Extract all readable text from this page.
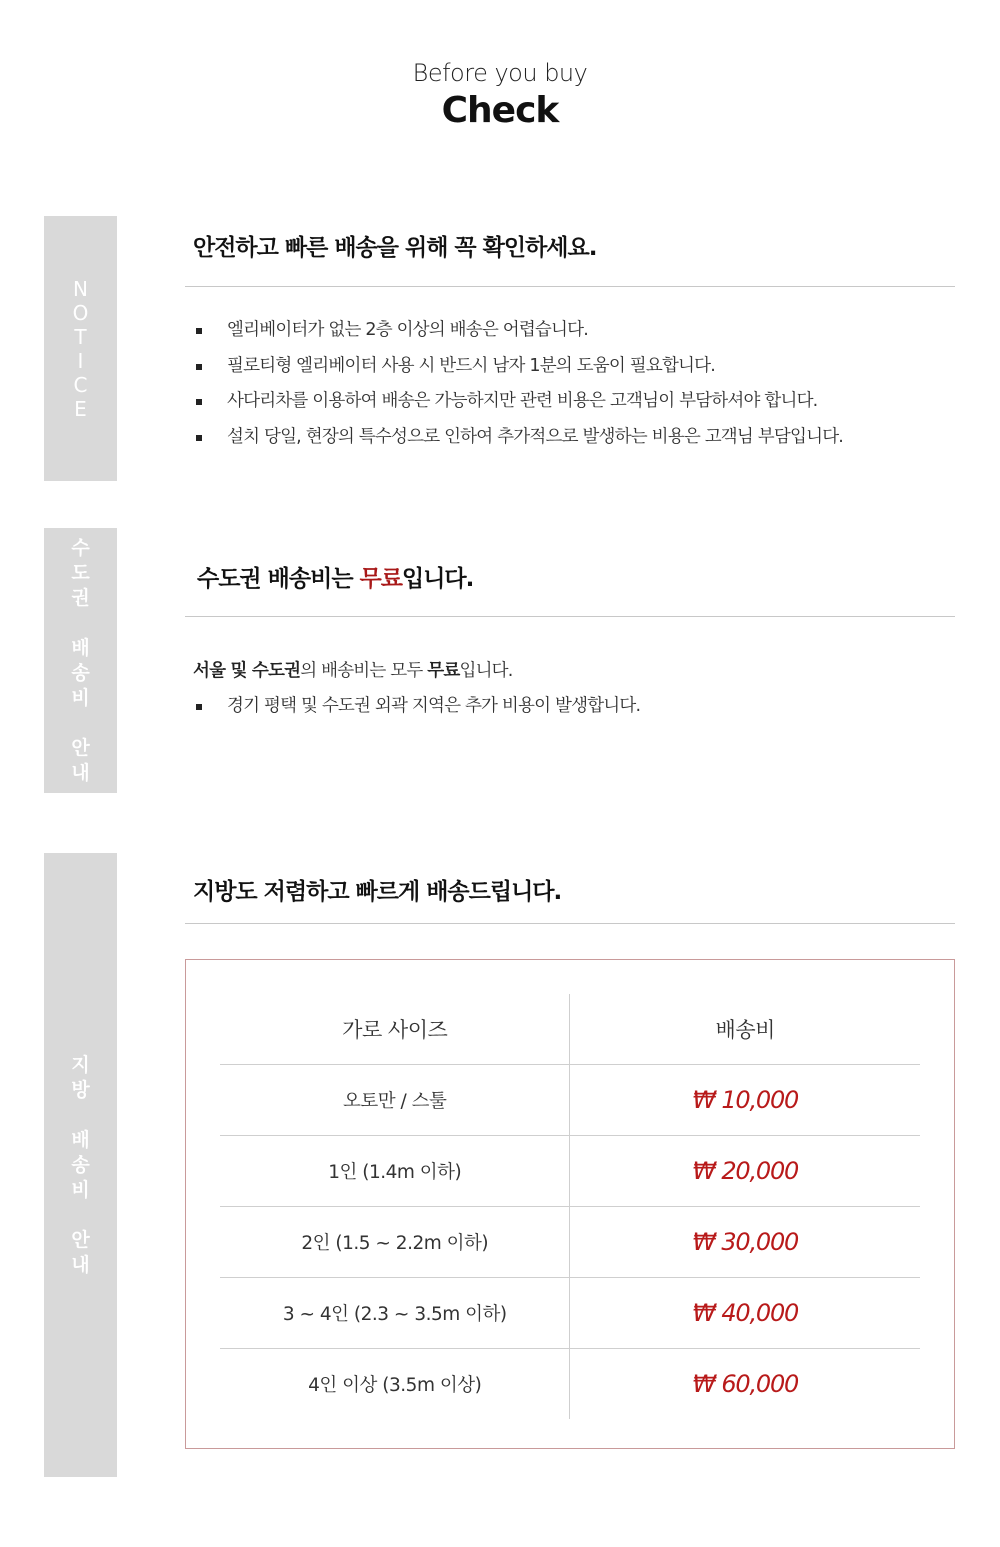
Before you buy
Check
N
O
T
I
C
E
안전하고 빠른 배송을 위해 꼭 확인하세요.
엘리베이터가 없는 2층 이상의 배송은 어렵습니다.
필로티형 엘리베이터 사용 시 반드시 남자 1분의 도움이 필요합니다.
사다리차를 이용하여 배송은 가능하지만 관련 비용은 고객님이 부담하셔야 합니다.
설치 당일, 현장의 특수성으로 인하여 추가적으로 발생하는 비용은 고객님 부담입니다.
수
도
권

배
송
비

안
내
수도권 배송비는 무료입니다.
서울 및 수도권의 배송비는 모두 무료입니다.
경기 평택 및 수도권 외곽 지역은 추가 비용이 발생합니다.
지
방

배
송
비

안
내
지방도 저렴하고 빠르게 배송드립니다.
가로 사이즈	배송비
오토만 / 스툴	₩ 10,000
1인 (1.4m 이하)	₩ 20,000
2인 (1.5 ~ 2.2m 이하)	₩ 30,000
3 ~ 4인 (2.3 ~ 3.5m 이하)	₩ 40,000
4인 이상 (3.5m 이상)	₩ 60,000
